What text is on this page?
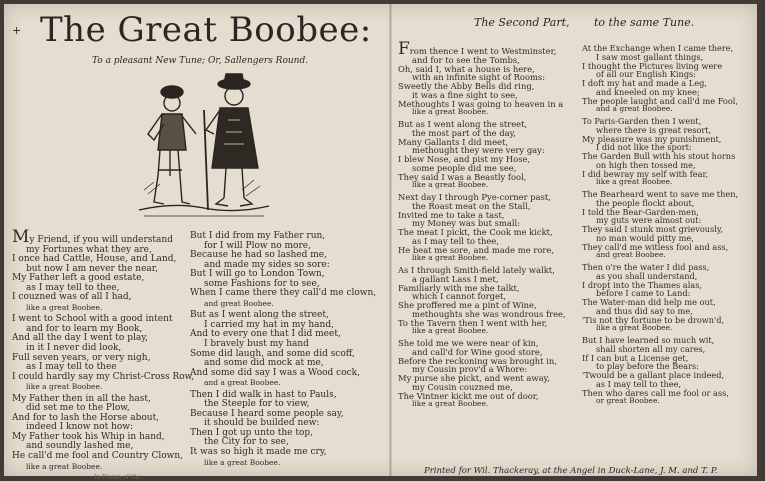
+ The Great Boobee:
To a pleasant New Tune; Or, Sallengers Round.
The Second Part, to the same Tune.
My Friend, if you will understand
my Fortunes what they are,
I once had Cattle, House, and Land,
but now I am never the near,
My Father left a good estate,
as I may tell to thee,
I couzned was of all I had,
like a great Boobee.
I went to School with a good intent
and for to learn my Book,
And all the day I went to play,
in it I never did look,
Full seven years, or very nigh,
as I may tell to thee
I could hardly say my Christ-Cross Row,
like a great Boobee.
My Father then in all the hast,
did set me to the Plow,
And for to lash the Horse about,
indeed I know not how:
My Father took his Whip in hand,
and soundly lashed me,
He call'd me fool and Country Clown,
like a great Boobee.
But I did from my Father run,
for I will Plow no more,
Because he had so lashed me,
and made my sides so sore:
But I will go to London Town,
some Fashions for to see,
When I came there they call'd me clown,
and great Boobee.
But as I went along the street,
I carried my hat in my hand,
And to every one that I did meet,
I bravely bust my hand
Some did laugh, and some did scoff,
and some did mock at me,
And some did say I was a Wood cock,
and a great Boobee.
Then I did walk in hast to Pauls,
the Steeple for to view,
Because I heard some people say,
it should be builded new:
Then I got up unto the top,
the City for to see,
It was so high it made me cry,
like a great Boobee.
From thence I went to Westminster,
and for to see the Tombs,
Oh, said I, what a house is here,
with an infinite sight of Rooms:
Sweetly the Abby Bells did ring,
it was a fine sight to see,
Methoughts I was going to heaven in a
like a great Boobee.
But as I went along the street,
the most part of the day,
Many Gallants I did meet,
methought they were very gay:
I blew Nose, and pist my Hose,
some people did me see,
They said I was a Beastly fool,
like a great Boobee.
Next day I through Pye-corner past,
the Roast meat on the Stall,
Invited me to take a tast,
my Money was but small:
The meat I pickt, the Cook me kickt,
as I may tell to thee,
He beat me sore, and made me rore,
like a great Boobee.
As I through Smith-field lately walkt,
a gallant Lass I met,
Familiarly with me she talkt,
which I cannot forget,
She proffered me a pint of Wine,
methoughts she was wondrous free,
To the Tavern then I went with her,
like a great Boobee.
She told me we were near of kin,
and call'd for Wine good store,
Before the reckoning was brought in,
my Cousin prov'd a Whore:
My purse she pickt, and went away,
my Cousin couzned me,
The Vintner kickt me out of door,
like a great Boobee.
At the Exchange when I came there,
I saw most gallant things,
I thought the Pictures living were
of all our English Kings:
I doft my hat and made a Leg,
and kneeled on my knee;
The people laught and call'd me Fool,
and a great Boobee.
To Paris-Garden then I went,
where there is great resort,
My pleasure was my punishment,
I did not like the sport:
The Garden Bull with his stout horns
on high then tossed me,
I did bewray my self with fear,
like a great Boobee.
The Bearheard went to save me then,
the people flockt about,
I told the Bear-Garden-men,
my guts were almost out:
They said I stunk most grievously,
no man would pitty me,
They call'd me witless fool and ass,
and great Boobee.
Then o're the water I did pass,
as you shall understand,
I dropt into the Thames alas,
before I came to Land:
The Water-man did help me out,
and thus did say to me,
'Tis not thy fortune to be drown'd,
like a great Boobee.
But I have learned so much wit,
shall shorten all my cares,
If I can but a License get,
to play before the Bears:
'Twould be a gallant place indeed,
as I may tell to thee,
Then who dares call me fool or ass,
or great Boobee.
Printed for Wil. Thackeray, at the Angel in Duck-Lane, J. M. and T. P.
In Praise of the...
